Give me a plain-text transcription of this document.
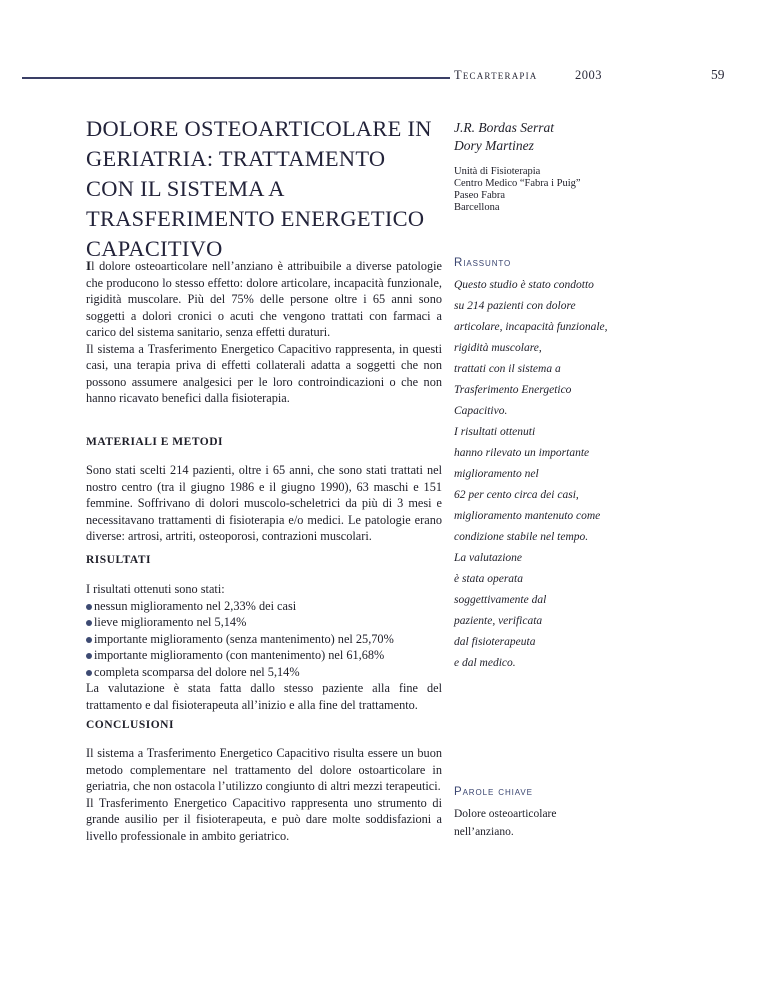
Tecarterapia	2003	59
DOLORE OSTEOARTICOLARE IN GERIATRIA: TRATTAMENTO CON IL SISTEMA A TRASFERIMENTO ENERGETICO CAPACITIVO
J.R. Bordas Serrat
Dory Martinez
Unità di Fisioterapia
Centro Medico “Fabra i Puig”
Paseo Fabra
Barcellona

Il dolore osteoarticolare nell’anziano è attribuibile a diverse patologie che producono lo stesso effetto: dolore articolare, incapacità funzionale, rigidità muscolare. Più del 75% delle persone oltre i 65 anni sono soggetti a dolori cronici o acuti che vengono trattati con farmaci a carico del sistema sanitario, senza effetti duraturi.

Il sistema a Trasferimento Energetico Capacitivo rappresenta, in questi casi, una terapia priva di effetti collaterali adatta a soggetti che non possono assumere analgesici per le loro controindicazioni o che non hanno ricavato benefici dalla fisioterapia.

MATERIALI E METODI

Sono stati scelti 214 pazienti, oltre i 65 anni, che sono stati trattati nel nostro centro (tra il giugno 1986 e il giugno 1990), 63 maschi e 151 femmine. Soffrivano di dolori muscolo-scheletrici da più di 3 mesi e necessitavano trattamenti di fisioterapia e/o medici. Le patologie erano diverse: artrosi, artriti, osteoporosi, contrazioni muscolari.

RISULTATI

I risultati ottenuti sono stati:

nessun miglioramento nel 2,33% dei casi
lieve miglioramento nel 5,14%
importante miglioramento (senza mantenimento) nel 25,70%
importante miglioramento (con mantenimento) nel 61,68%
completa scomparsa del dolore nel 5,14%

La valutazione è stata fatta dallo stesso paziente alla fine del trattamento e dal fisioterapeuta all’inizio e alla fine del trattamento.

CONCLUSIONI

Il sistema a Trasferimento Energetico Capacitivo risulta essere un buon metodo complementare nel trattamento del dolore ostoarticolare in geriatria, che non ostacola l’utilizzo congiunto di altri mezzi terapeutici.

Il Trasferimento Energetico Capacitivo rappresenta uno strumento di grande ausilio per il fisioterapeuta, e può dare molte soddisfazioni a livello professionale in ambito geriatrico.

Riassunto
Questo studio è stato condotto
su 214 pazienti con dolore
articolare, incapacità funzionale,
rigidità muscolare,
trattati con il sistema a
Trasferimento Energetico
Capacitivo.
I risultati ottenuti
hanno rilevato un importante
miglioramento nel
62 per cento circa dei casi,
miglioramento mantenuto come
condizione stabile nel tempo.
La valutazione
è stata operata
soggettivamente dal
paziente, verificata
dal fisioterapeuta
e dal medico.
Parole chiave
Dolore osteoarticolare
nell’anziano.
